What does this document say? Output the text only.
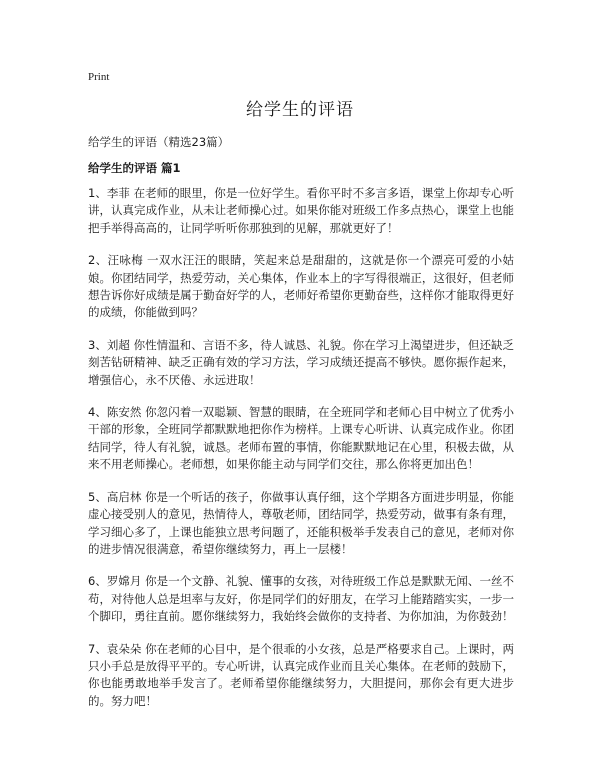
Print
给学生的评语

给学生的评语（精选23篇）

给学生的评语 篇1

1、李菲 在老师的眼里，你是一位好学生。看你平时不多言多语，课堂上你却专心听讲，认真完成作业，从未让老师操心过。如果你能对班级工作多点热心，课堂上也能把手举得高高的，让同学听听你那独到的见解，那就更好了！

2、汪咏梅 一双水汪汪的眼睛，笑起来总是甜甜的，这就是你一个漂亮可爱的小姑娘。你团结同学，热爱劳动，关心集体，作业本上的字写得很端正，这很好，但老师想告诉你好成绩是属于勤奋好学的人，老师好希望你更勤奋些，这样你才能取得更好的成绩，你能做到吗？

3、刘超 你性情温和、言语不多，待人诚恳、礼貌。你在学习上渴望进步，但还缺乏刻苦钻研精神、缺乏正确有效的学习方法，学习成绩还提高不够快。愿你振作起来，增强信心，永不厌倦、永远进取！

4、陈安然 你忽闪着一双聪颖、智慧的眼睛，在全班同学和老师心目中树立了优秀小干部的形象，全班同学都默默地把你作为榜样。上课专心听讲、认真完成作业。你团结同学，待人有礼貌，诚恳。老师布置的事情，你能默默地记在心里，积极去做，从来不用老师操心。老师想，如果你能主动与同学们交往，那么你将更加出色！

5、高启林 你是一个听话的孩子，你做事认真仔细，这个学期各方面进步明显，你能虚心接受别人的意见，热情待人，尊敬老师，团结同学，热爱劳动，做事有条有理，学习细心多了，上课也能独立思考问题了，还能积极举手发表自己的意见，老师对你的进步情况很满意，希望你继续努力，再上一层楼！

6、罗嫦月 你是一个文静、礼貌、懂事的女孩，对待班级工作总是默默无闻、一丝不苟，对待他人总是坦率与友好，你是同学们的好朋友，在学习上能踏踏实实，一步一个脚印，勇往直前。愿你继续努力，我始终会做你的支持者、为你加油，为你鼓劲！

7、袁朵朵 你在老师的心目中，是个很乖的小女孩，总是严格要求自己。上课时，两只小手总是放得平平的。专心听讲，认真完成作业而且关心集体。在老师的鼓励下，你也能勇敢地举手发言了。老师希望你能继续努力，大胆提问，那你会有更大进步的。努力吧！
